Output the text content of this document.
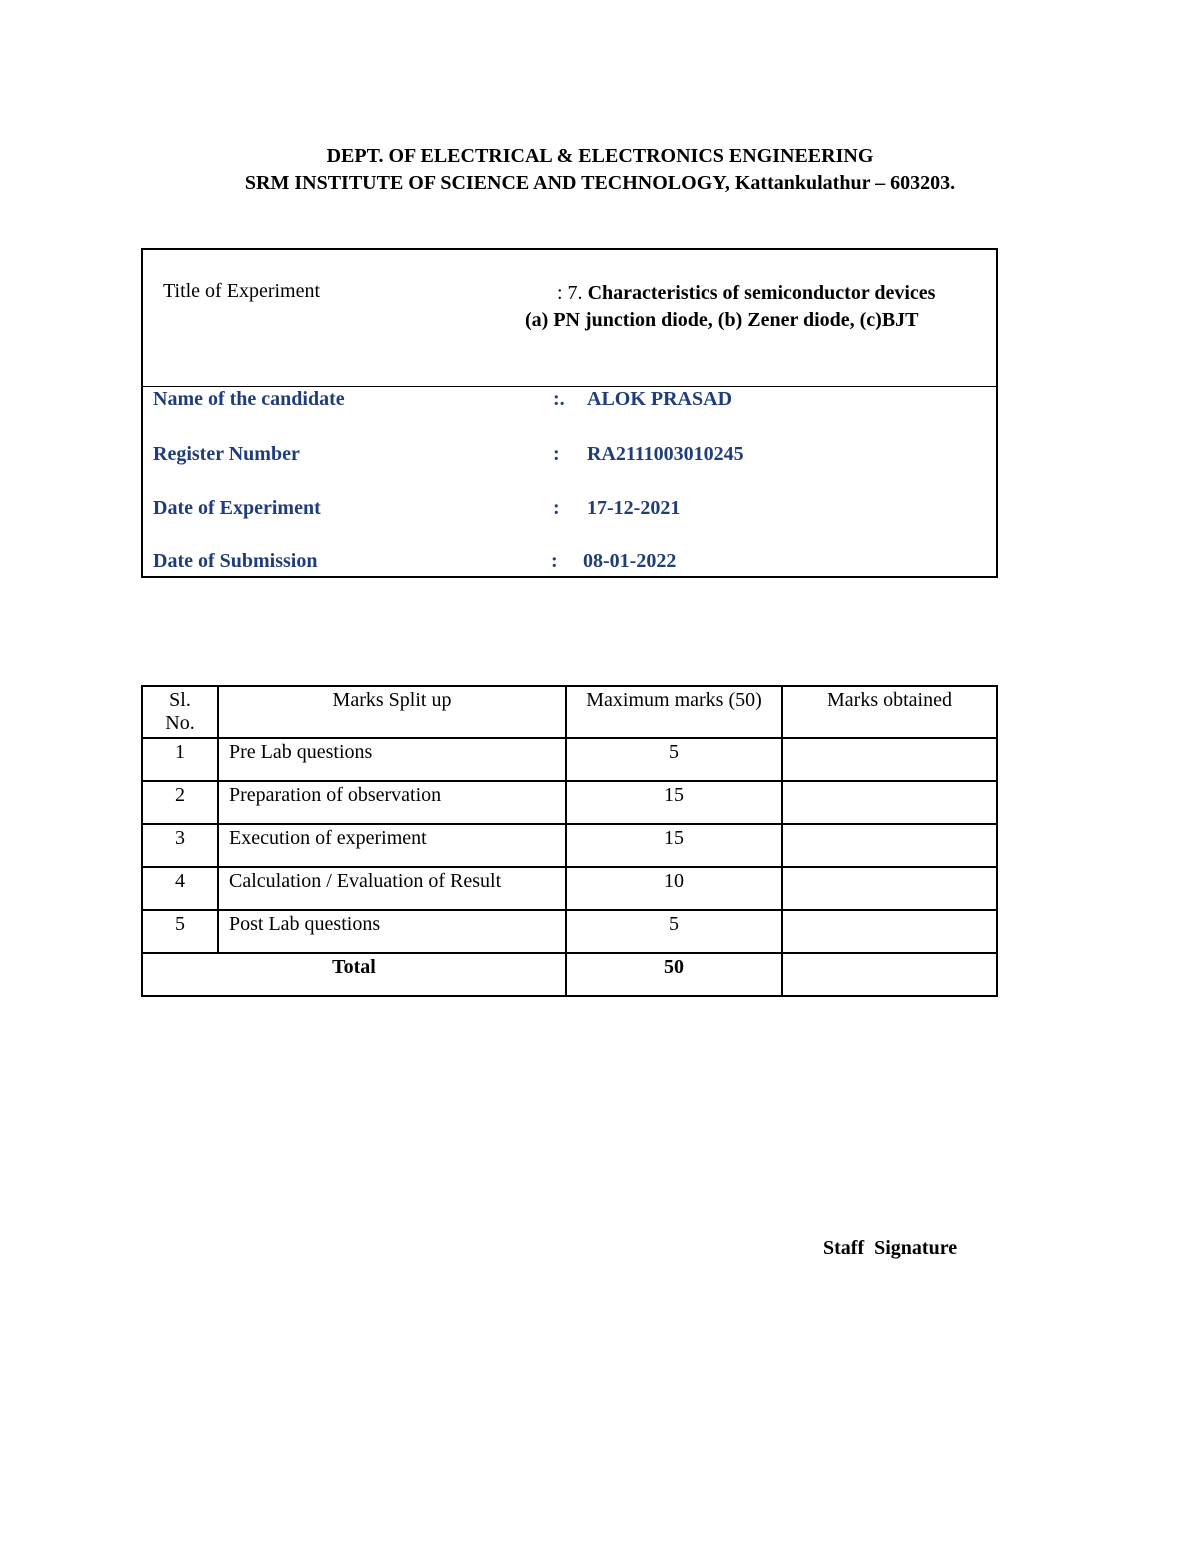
DEPT. OF ELECTRICAL & ELECTRONICS ENGINEERING
SRM INSTITUTE OF SCIENCE AND TECHNOLOGY, Kattankulathur – 603203.
Title of Experiment	: 7. Characteristics of semiconductor devices (a) PN junction diode, (b) Zener diode, (c)BJT
Name of the candidate	:. ALOK PRASAD
Register Number	: RA2111003010245
Date of Experiment	: 17-12-2021
Date of Submission	: 08-01-2022
Sl. No.	Marks Split up	Maximum marks (50)	Marks obtained
1	Pre Lab questions	5	
2	Preparation of observation	15	
3	Execution of experiment	15	
4	Calculation / Evaluation of Result	10	
5	Post Lab questions	5	
Total		50	
Staff  Signature
